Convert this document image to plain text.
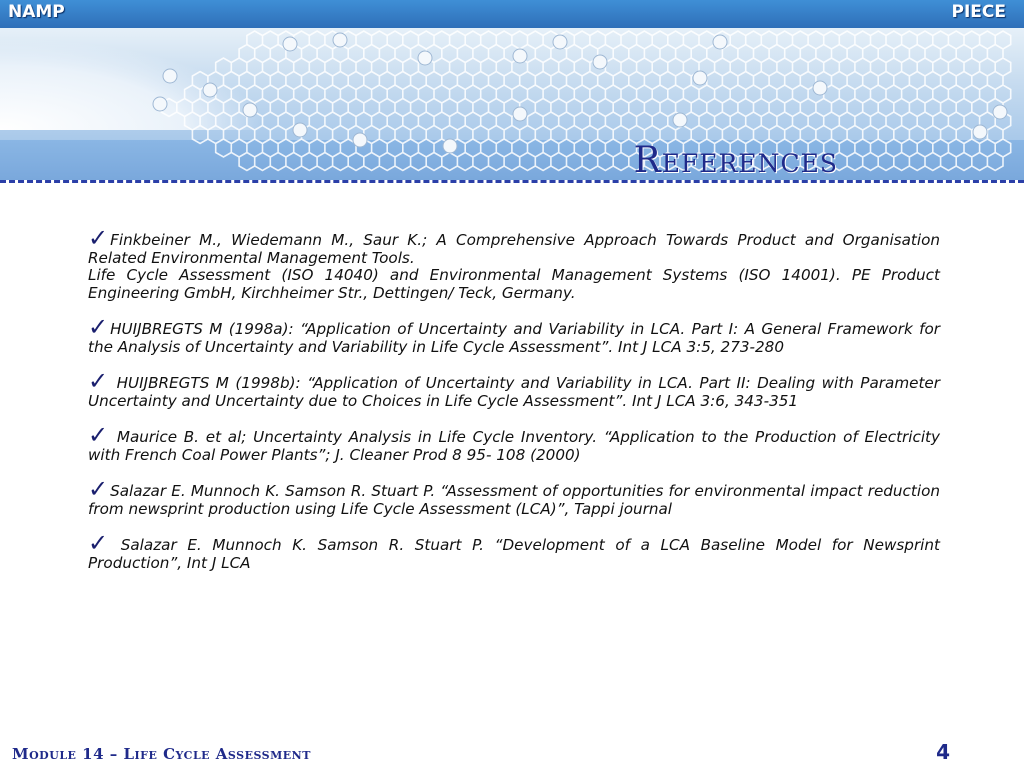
NAMP	PIECE
References
✓ Finkbeiner M., Wiedemann M., Saur K.; A Comprehensive Approach Towards Product and Organisation Related Environmental Management Tools.
Life Cycle Assessment (ISO 14040) and Environmental Management Systems (ISO 14001). PE Product Engineering GmbH, Kirchheimer Str., Dettingen/ Teck, Germany.
✓ HUIJBREGTS M (1998a): “Application of Uncertainty and Variability in LCA. Part I: A General Framework for the Analysis of Uncertainty and Variability in Life Cycle Assessment”. Int J LCA 3:5, 273-280
✓ HUIJBREGTS M (1998b): “Application of Uncertainty and Variability in LCA. Part II: Dealing with Parameter Uncertainty and Uncertainty due to Choices in Life Cycle Assessment”. Int J LCA 3:6, 343-351
✓ Maurice B. et al; Uncertainty Analysis in Life Cycle Inventory. “Application to the Production of Electricity with French Coal Power Plants”; J. Cleaner Prod 8 95- 108 (2000)
✓ Salazar E. Munnoch K. Samson R. Stuart P. “Assessment of opportunities for environmental impact reduction from newsprint production using Life Cycle Assessment (LCA)”, Tappi journal
✓ Salazar E. Munnoch K. Samson R. Stuart P. “Development of a LCA Baseline Model for Newsprint Production”, Int J LCA
Module 14 – Life Cycle Assessment	4
